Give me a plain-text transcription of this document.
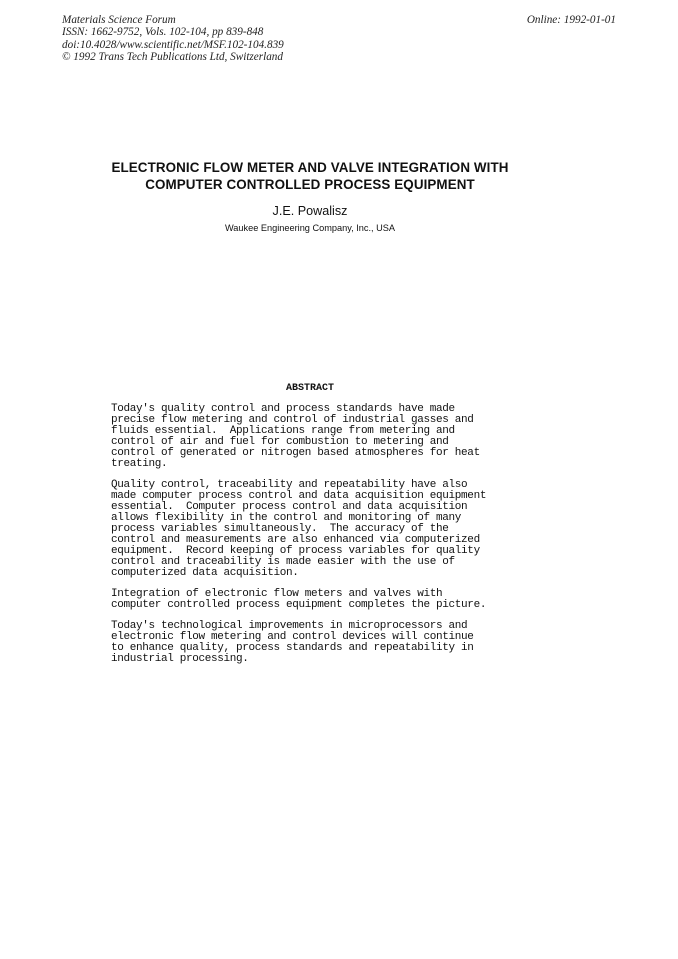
Materials Science Forum
ISSN: 1662-9752, Vols. 102-104, pp 839-848
doi:10.4028/www.scientific.net/MSF.102-104.839
© 1992 Trans Tech Publications Ltd, Switzerland
Online: 1992-01-01
ELECTRONIC FLOW METER AND VALVE INTEGRATION WITH
COMPUTER CONTROLLED PROCESS EQUIPMENT
J.E. Powalisz
Waukee Engineering Company, Inc., USA
ABSTRACT
Today's quality control and process standards have made
precise flow metering and control of industrial gasses and
fluids essential.  Applications range from metering and
control of air and fuel for combustion to metering and
control of generated or nitrogen based atmospheres for heat
treating.
Quality control, traceability and repeatability have also
made computer process control and data acquisition equipment
essential.  Computer process control and data acquisition
allows flexibility in the control and monitoring of many
process variables simultaneously.  The accuracy of the
control and measurements are also enhanced via computerized
equipment.  Record keeping of process variables for quality
control and traceability is made easier with the use of
computerized data acquisition.
Integration of electronic flow meters and valves with
computer controlled process equipment completes the picture.
Today's technological improvements in microprocessors and
electronic flow metering and control devices will continue
to enhance quality, process standards and repeatability in
industrial processing.
